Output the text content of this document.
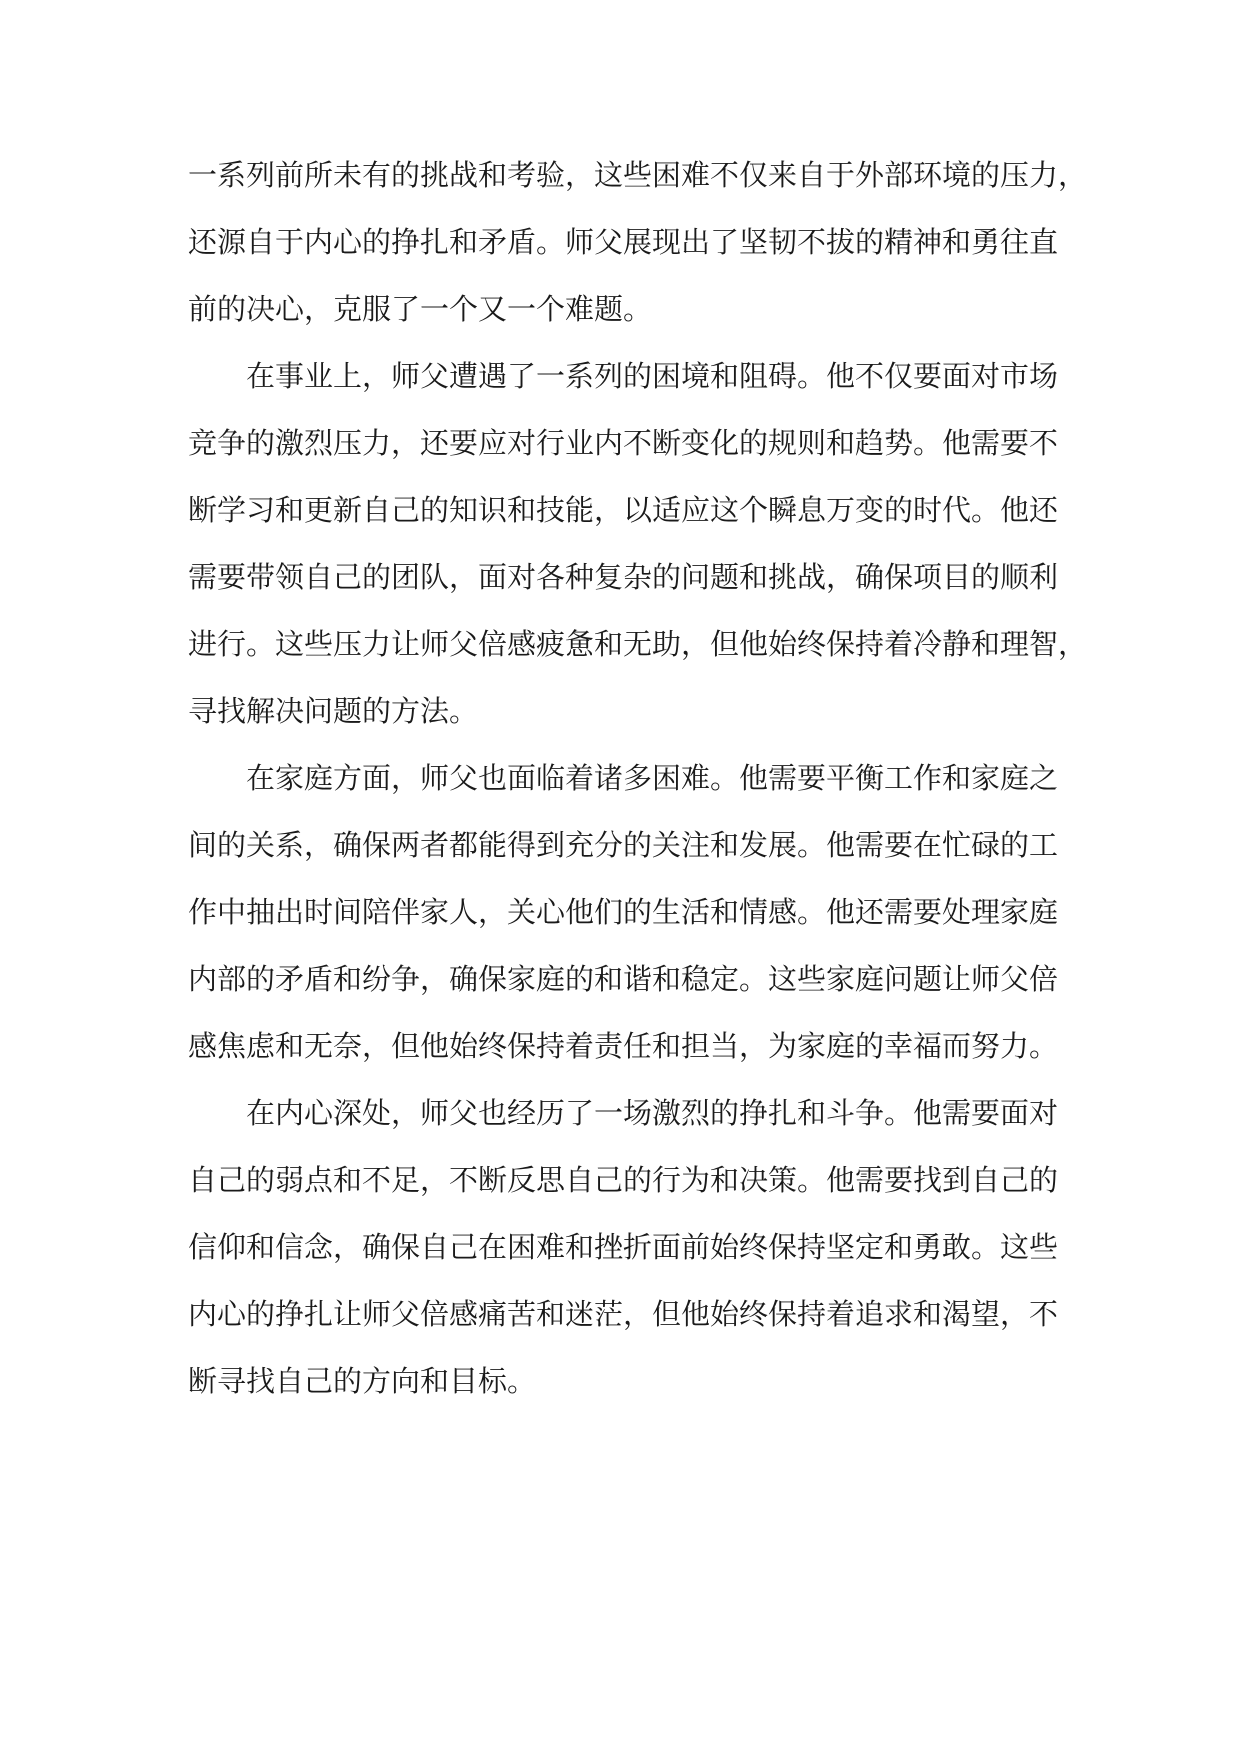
一系列前所未有的挑战和考验，这些困难不仅来自于外部环境的压力，
还源自于内心的挣扎和矛盾。师父展现出了坚韧不拔的精神和勇往直
前的决心，克服了一个又一个难题。
在事业上，师父遭遇了一系列的困境和阻碍。他不仅要面对市场
竞争的激烈压力，还要应对行业内不断变化的规则和趋势。他需要不
断学习和更新自己的知识和技能，以适应这个瞬息万变的时代。他还
需要带领自己的团队，面对各种复杂的问题和挑战，确保项目的顺利
进行。这些压力让师父倍感疲惫和无助，但他始终保持着冷静和理智，
寻找解决问题的方法。
在家庭方面，师父也面临着诸多困难。他需要平衡工作和家庭之
间的关系，确保两者都能得到充分的关注和发展。他需要在忙碌的工
作中抽出时间陪伴家人，关心他们的生活和情感。他还需要处理家庭
内部的矛盾和纷争，确保家庭的和谐和稳定。这些家庭问题让师父倍
感焦虑和无奈，但他始终保持着责任和担当，为家庭的幸福而努力。
在内心深处，师父也经历了一场激烈的挣扎和斗争。他需要面对
自己的弱点和不足，不断反思自己的行为和决策。他需要找到自己的
信仰和信念，确保自己在困难和挫折面前始终保持坚定和勇敢。这些
内心的挣扎让师父倍感痛苦和迷茫，但他始终保持着追求和渴望，不
断寻找自己的方向和目标。
